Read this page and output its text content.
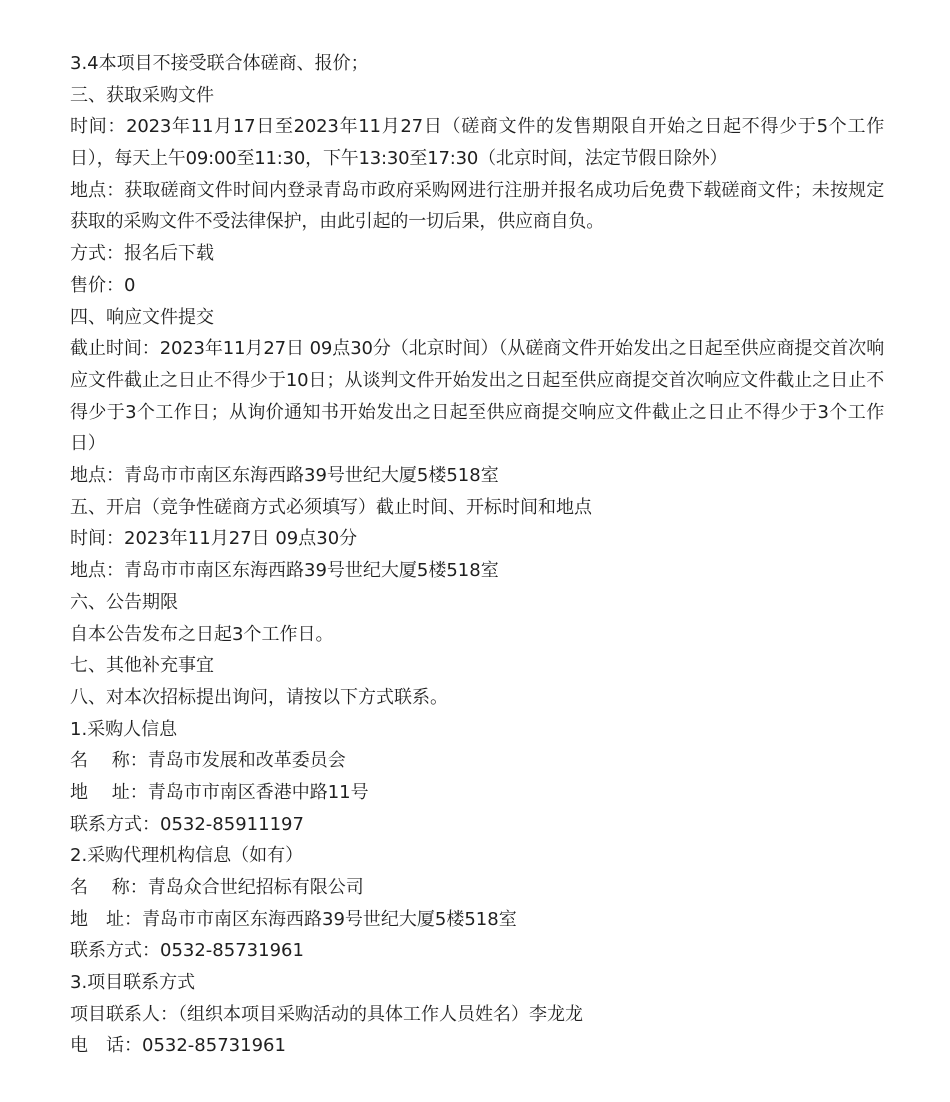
3.4本项目不接受联合体磋商、报价；
三、获取采购文件
时间：2023年11月17日至2023年11月27日（磋商文件的发售期限自开始之日起不得少于5个工作日），每天上午09:00至11:30，下午13:30至17:30（北京时间，法定节假日除外）
地点：获取磋商文件时间内登录青岛市政府采购网进行注册并报名成功后免费下载磋商文件；未按规定获取的采购文件不受法律保护，由此引起的一切后果，供应商自负。
方式：报名后下载
售价：0
四、响应文件提交
截止时间：2023年11月27日 09点30分（北京时间）（从磋商文件开始发出之日起至供应商提交首次响应文件截止之日止不得少于10日；从谈判文件开始发出之日起至供应商提交首次响应文件截止之日止不得少于3个工作日；从询价通知书开始发出之日起至供应商提交响应文件截止之日止不得少于3个工作日）
地点：青岛市市南区东海西路39号世纪大厦5楼518室
五、开启（竞争性磋商方式必须填写）截止时间、开标时间和地点
时间：2023年11月27日 09点30分
地点：青岛市市南区东海西路39号世纪大厦5楼518室
六、公告期限
自本公告发布之日起3个工作日。
七、其他补充事宜
八、对本次招标提出询问，请按以下方式联系。
1.采购人信息
名　 称：青岛市发展和改革委员会
地　 址：青岛市市南区香港中路11号
联系方式：0532-85911197
2.采购代理机构信息（如有）
名　 称：青岛众合世纪招标有限公司
地　址：青岛市市南区东海西路39号世纪大厦5楼518室
联系方式：0532-85731961
3.项目联系方式
项目联系人：（组织本项目采购活动的具体工作人员姓名）李龙龙
电　话：0532-85731961
